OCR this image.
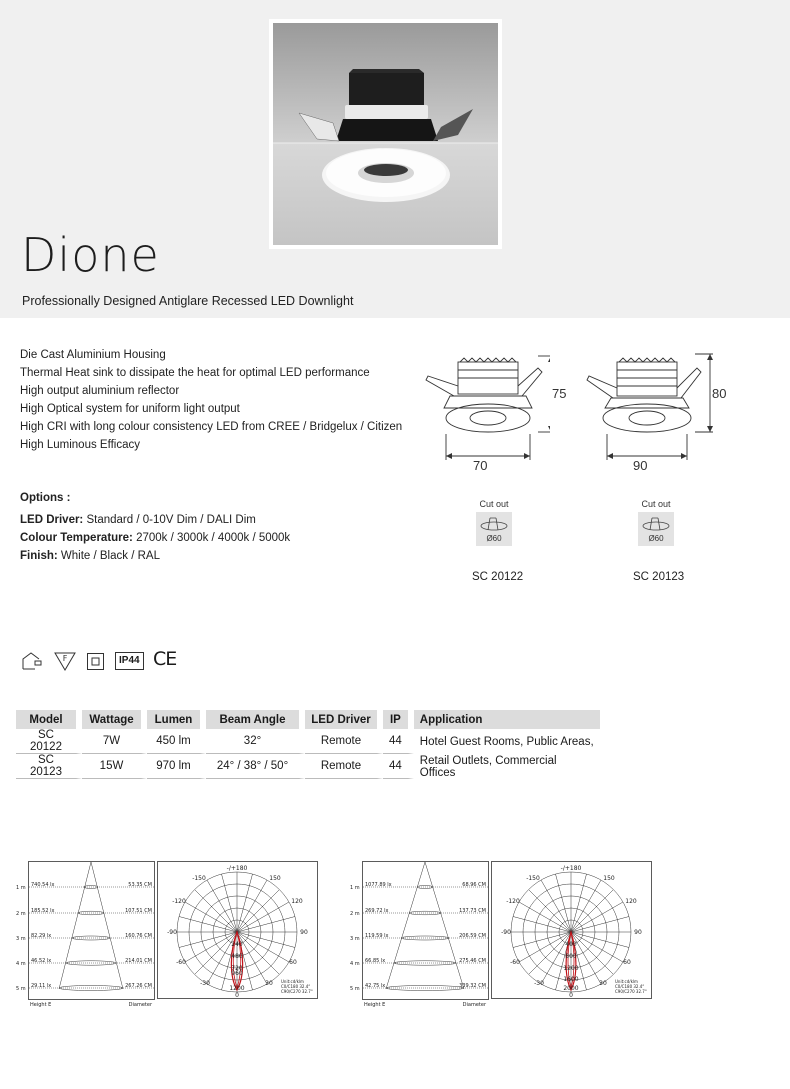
Dione
Professionally Designed Antiglare Recessed LED Downlight
Die Cast Aluminium Housing
Thermal Heat sink to dissipate the heat for optimal LED performance
High output aluminium reflector
High Optical system for uniform light output
High CRI with long colour consistency LED from CREE / Bridgelux / Citizen
High Luminous Efficacy
Options :
LED Driver: Standard / 0-10V Dim / DALI Dim
Colour Temperature: 2700k / 3000k / 4000k / 5000k
Finish: White / Black / RAL
75
70
80
90
Cut out
Ø60
Cut out
Ø60
SC 20122	SC 20123
F	IP44 CE
Model	Wattage	Lumen	Beam Angle	LED Driver	IP	Application
SC 20122	7W	450 lm	32°	Remote	44	Hotel Guest Rooms, Public Areas,
SC 20123	15W	970 lm	24° / 38° / 50°	Remote	44	Retail Outlets, Commercial Offices
1 m
2 m
3 m
4 m
5 m
740.54 lx
185.52 lx
82.29 lx
46.52 lx
29.11 lx
53.35 CM
107.51 CM
160.76 CM
214.01 CM
267.26 CM
Height E	Diameter
-/+180
-150	150
-120	120
-90	90
-60	60
-30	30
0
240
480
720
960
1200
Unit:cd/klm
C0/C180 32.4°
C90/C270 32.7°
1 m
2 m
3 m
4 m
5 m
1077.89 lx
269.72 lx
119.59 lx
66.85 lx
42.75 lx
68.96 CM
137.73 CM
206.59 CM
275.46 CM
339.32 CM
Height E	Diameter
-/+180
-150	150
-120	120
-90	90
-60	60
-30	30
0
400
800
1200
1600
2000
Unit:cd/klm
C0/C180 32.4°
C90/C270 32.7°
